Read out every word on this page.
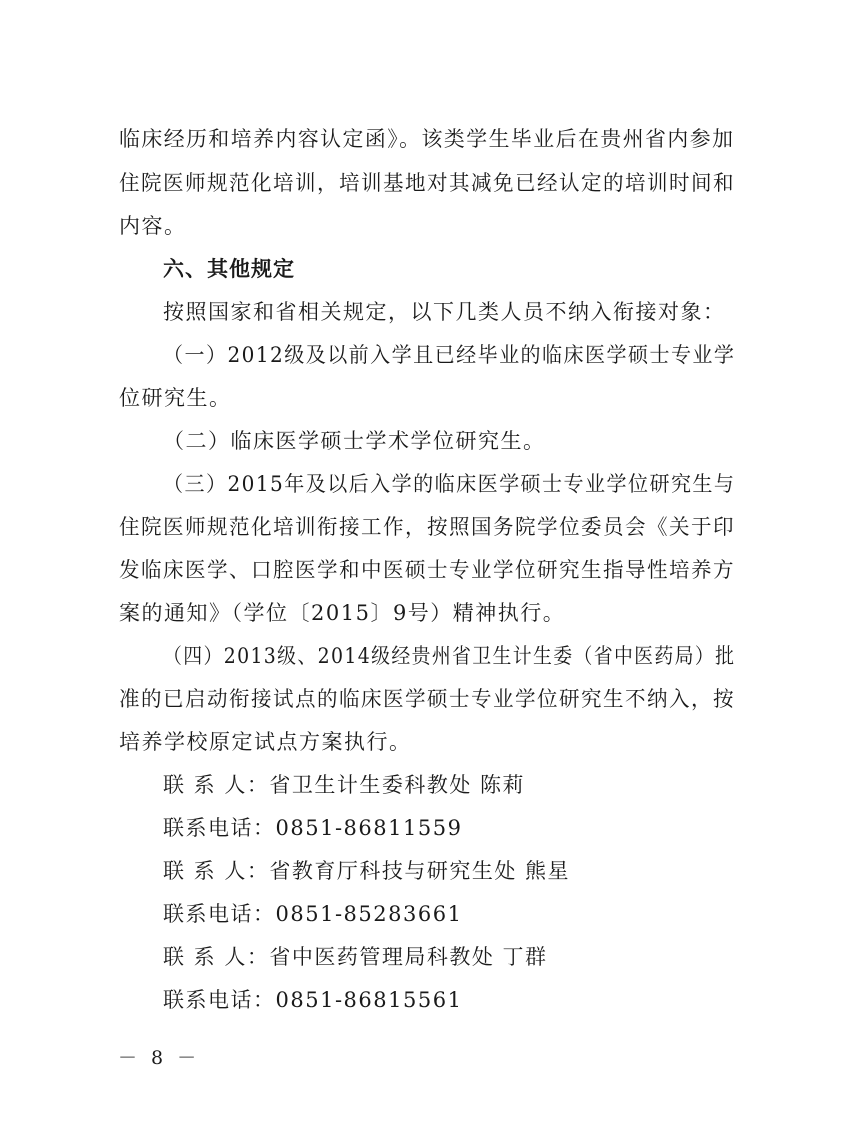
临床经历和培养内容认定函》。该类学生毕业后在贵州省内参加
住院医师规范化培训，培训基地对其减免已经认定的培训时间和
内容。
六、其他规定
按照国家和省相关规定，以下几类人员不纳入衔接对象：
（一）2012级及以前入学且已经毕业的临床医学硕士专业学
位研究生。
（二）临床医学硕士学术学位研究生。
（三）2015年及以后入学的临床医学硕士专业学位研究生与
住院医师规范化培训衔接工作，按照国务院学位委员会《关于印
发临床医学、口腔医学和中医硕士专业学位研究生指导性培养方
案的通知》（学位〔2015〕9号）精神执行。
（四）2013级、2014级经贵州省卫生计生委（省中医药局）批
准的已启动衔接试点的临床医学硕士专业学位研究生不纳入，按
培养学校原定试点方案执行。
联 系 人：省卫生计生委科教处 陈莉
联系电话：0851-86811559
联 系 人：省教育厅科技与研究生处 熊星
联系电话：0851-85283661
联 系 人：省中医药管理局科教处 丁群
联系电话：0851-86815561
－ 8 －
